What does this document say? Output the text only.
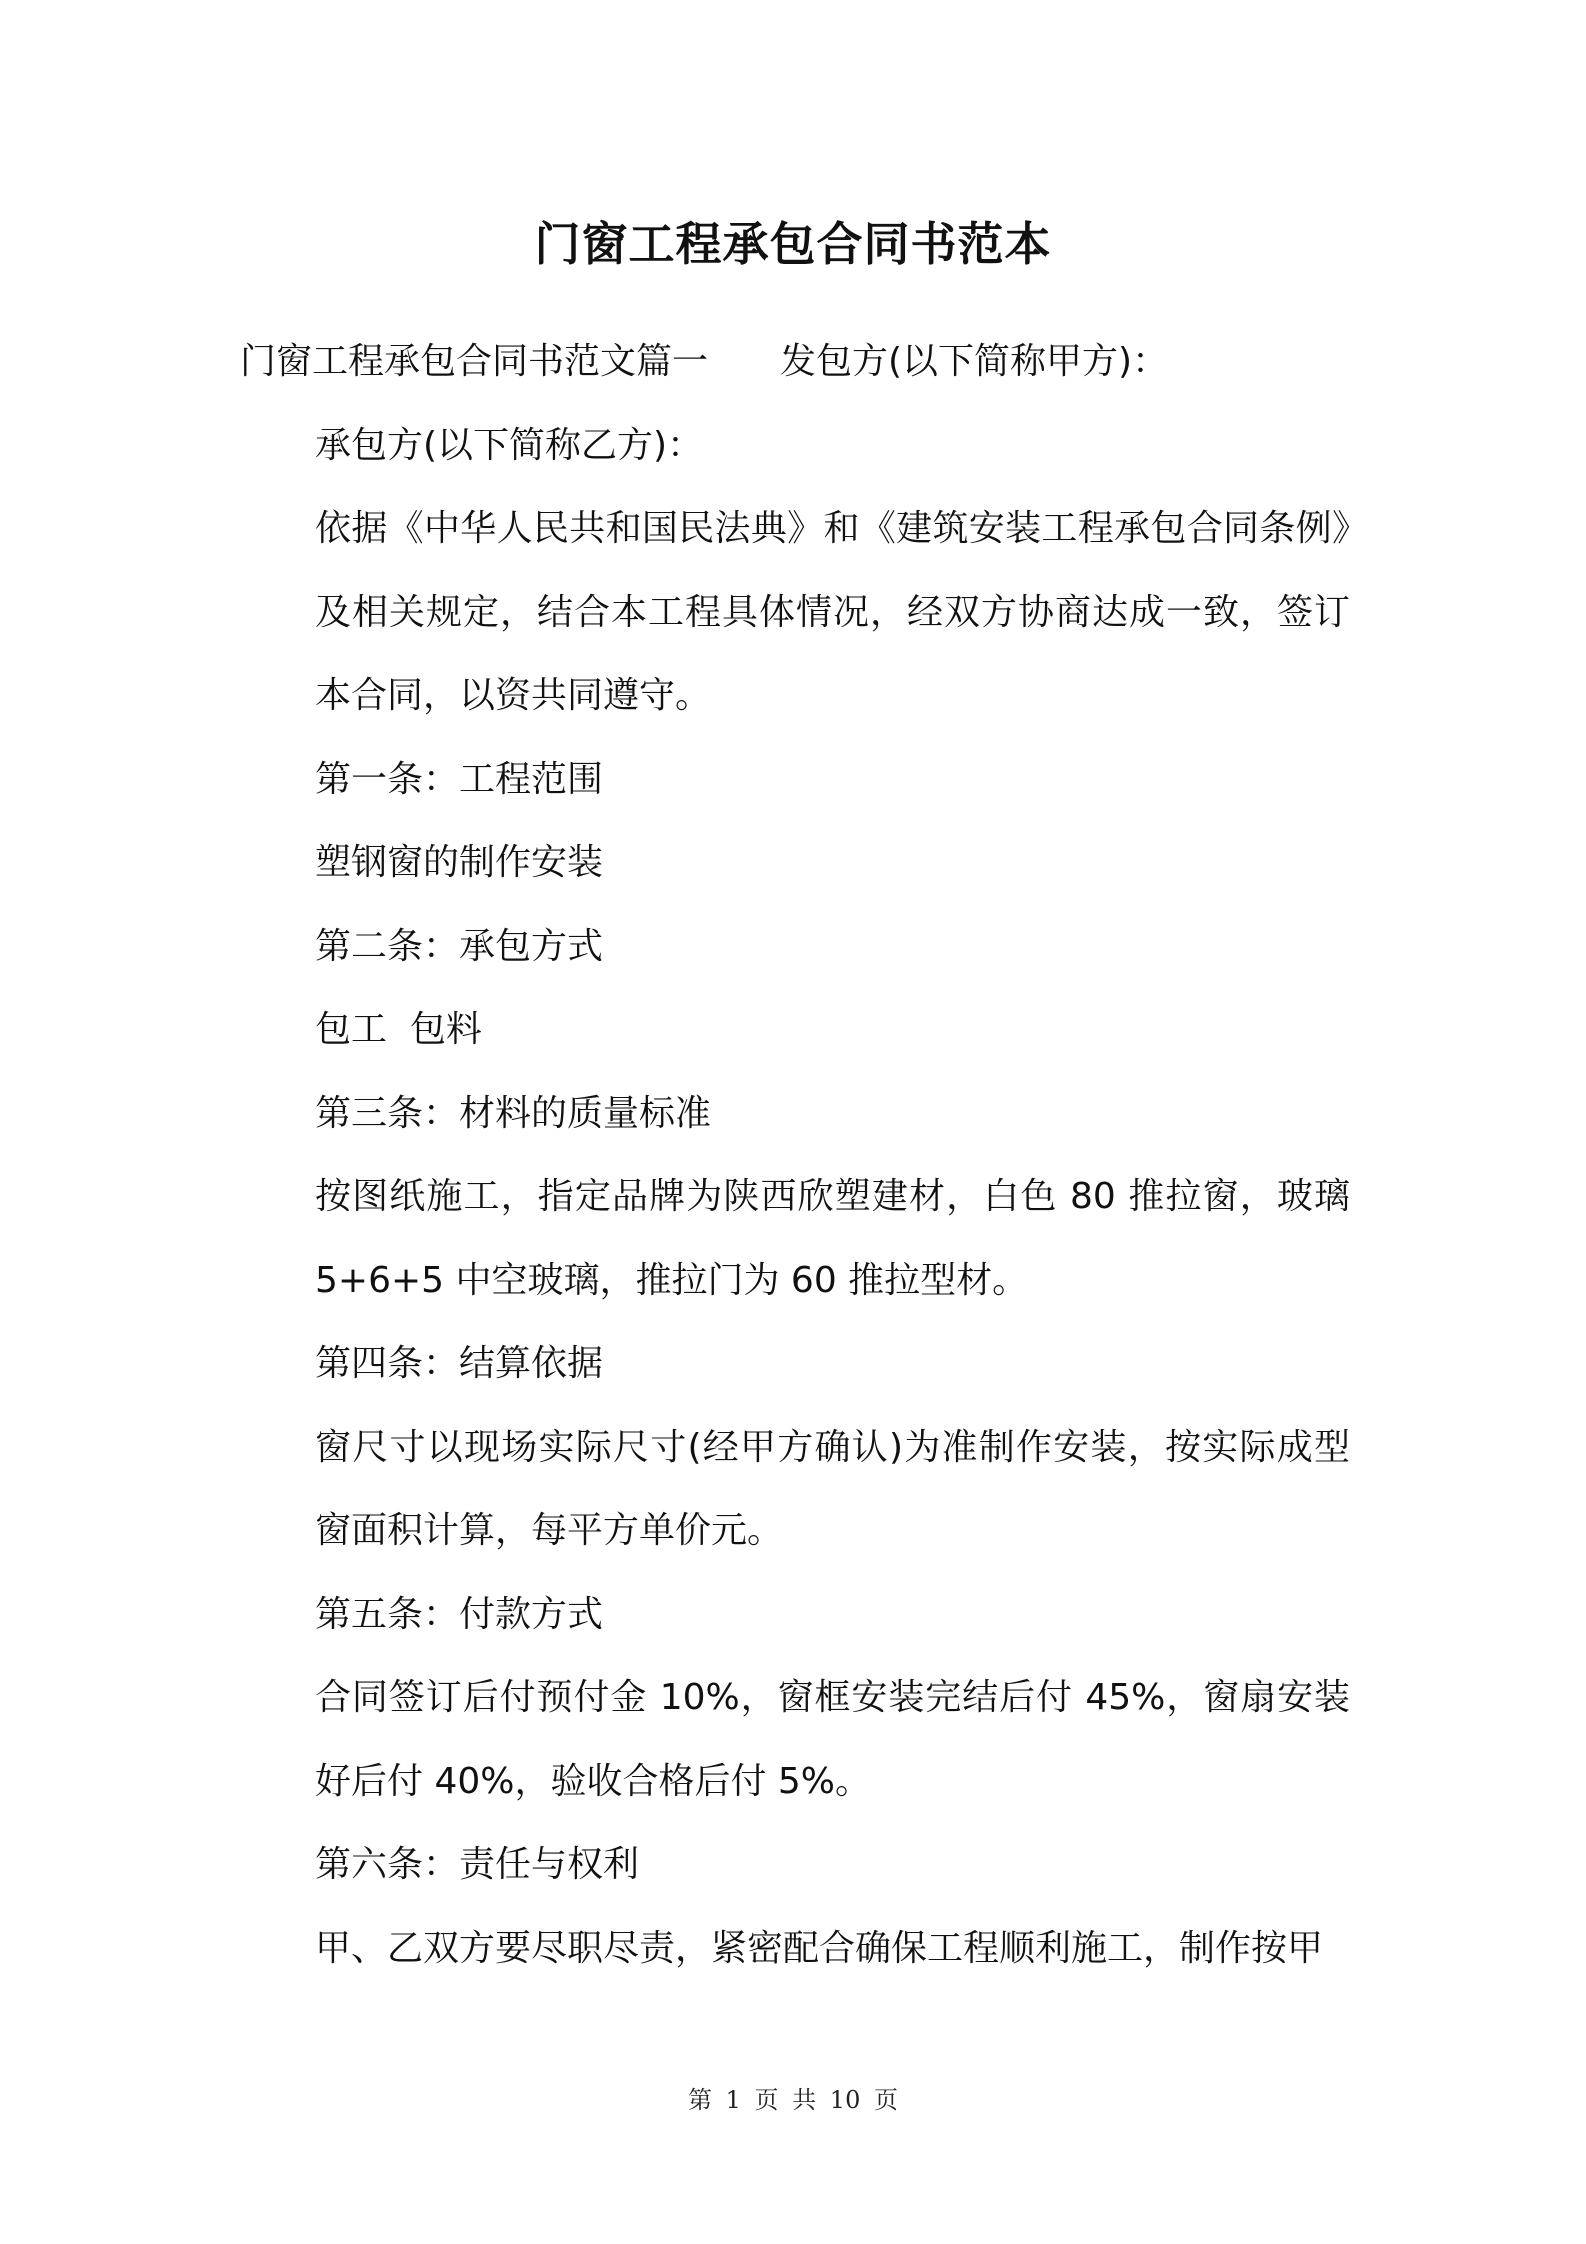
门窗工程承包合同书范本

门窗工程承包合同书范文篇一 发包方(以下简称甲方)：

承包方(以下简称乙方)：

依据《中华人民共和国民法典》和《建筑安装工程承包合同条例》及相关规定，结合本工程具体情况，经双方协商达成一致，签订本合同，以资共同遵守。

第一条：工程范围

塑钢窗的制作安装

第二条：承包方式

包工  包料

第三条：材料的质量标准

按图纸施工，指定品牌为陕西欣塑建材，白色 80 推拉窗，玻璃 5+6+5 中空玻璃，推拉门为 60 推拉型材。

第四条：结算依据

窗尺寸以现场实际尺寸(经甲方确认)为准制作安装，按实际成型窗面积计算，每平方单价元。

第五条：付款方式

合同签订后付预付金 10%，窗框安装完结后付 45%，窗扇安装好后付 40%，验收合格后付 5%。

第六条：责任与权利

甲、乙双方要尽职尽责，紧密配合确保工程顺利施工，制作按甲

第 1 页 共 10 页
